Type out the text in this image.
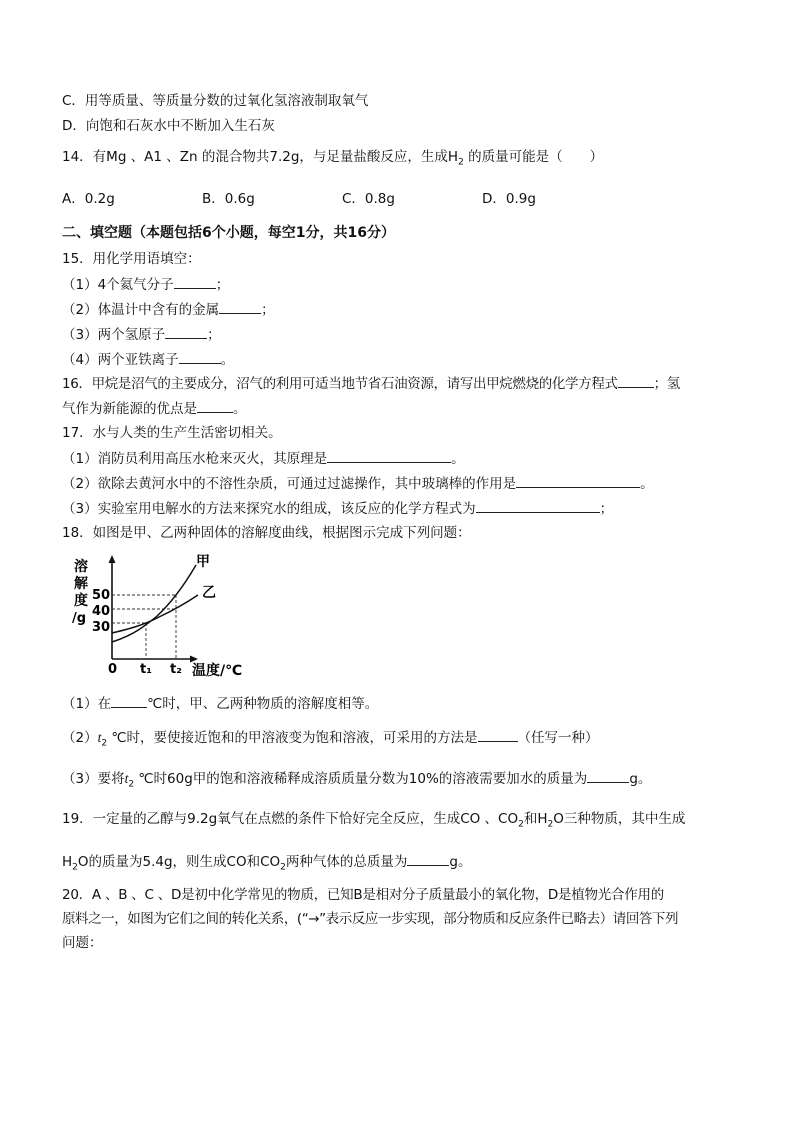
C．用等质量、等质量分数的过氧化氢溶液制取氧气
D．向饱和石灰水中不断加入生石灰
14．有Mg 、A1 、Zn 的混合物共7.2g，与足量盐酸反应，生成$H_2$ 的质量可能是（　　）
A．0.2g	B．0.6g	C．0.8g	D．0.9g
二、填空题（本题包括6个小题，每空1分，共16分）
15．用化学用语填空：
（1）4个氦气分子	；
（2）体温计中含有的金属	；
（3）两个氢原子	；
（4）两个亚铁离子	。
16．甲烷是沼气的主要成分，沼气的利用可适当地节省石油资源，请写出甲烷燃烧的化学方程式	；氢
气作为新能源的优点是	。
17．水与人类的生产生活密切相关。
（1）消防员利用高压水枪来灭火，其原理是	。
（2）欲除去黄河水中的不溶性杂质，可通过过滤操作，其中玻璃棒的作用是	。
（3）实验室用电解水的方法来探究水的组成，该反应的化学方程式为	；
18．如图是甲、乙两种固体的溶解度曲线，根据图示完成下列问题：
溶
解
度
/g
50
40
30
甲
乙
0 t₁ t₂ 温度/℃
（1）在	℃时，甲、乙两种物质的溶解度相等。
$(2)t_2$ ℃时，要使接近饱和的甲溶液变为饱和溶液，可采用的方法是	（任写一种）
（3）要将$t_2$ ℃时60g甲的饱和溶液稀释成溶质质量分数为10%的溶液需要加水的质量为	g。
19．一定量的乙醇与9.2g氧气在点燃的条件下恰好完全反应，生成CO 、$CO_2$和$H_2O$三种物质，其中生成
$H_2O$的质量为5.4g，则生成CO和$CO_2$两种气体的总质量为	g。
20．A 、B 、C 、D是初中化学常见的物质，已知B是相对分子质量最小的氧化物，D是植物光合作用的
原料之一，如图为它们之间的转化关系，(“→”表示反应一步实现，部分物质和反应条件已略去）请回答下列
问题：
